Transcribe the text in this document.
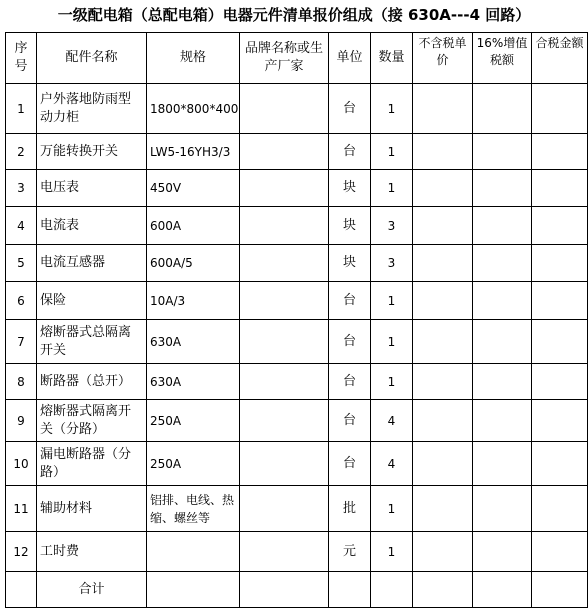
一级配电箱（总配电箱）电器元件清单报价组成（接 630A---4 回路）
序号	配件名称	规格	品牌名称或生产厂家	单位	数量	不含税单价	16%增值税额	合税金额
1	户外落地防雨型动力柜	1800*800*400		台	1			
2	万能转换开关	LW5-16YH3/3		台	1			
3	电压表	450V		块	1			
4	电流表	600A		块	3			
5	电流互感器	600A/5		块	3			
6	保险	10A/3		台	1			
7	熔断器式总隔离开关	630A		台	1			
8	断路器（总开）	630A		台	1			
9	熔断器式隔离开关（分路）	250A		台	4			
10	漏电断路器（分路）	250A		台	4			
11	辅助材料	铝排、电线、热缩、螺丝等		批	1			
12	工时费			元	1			
	合计							
